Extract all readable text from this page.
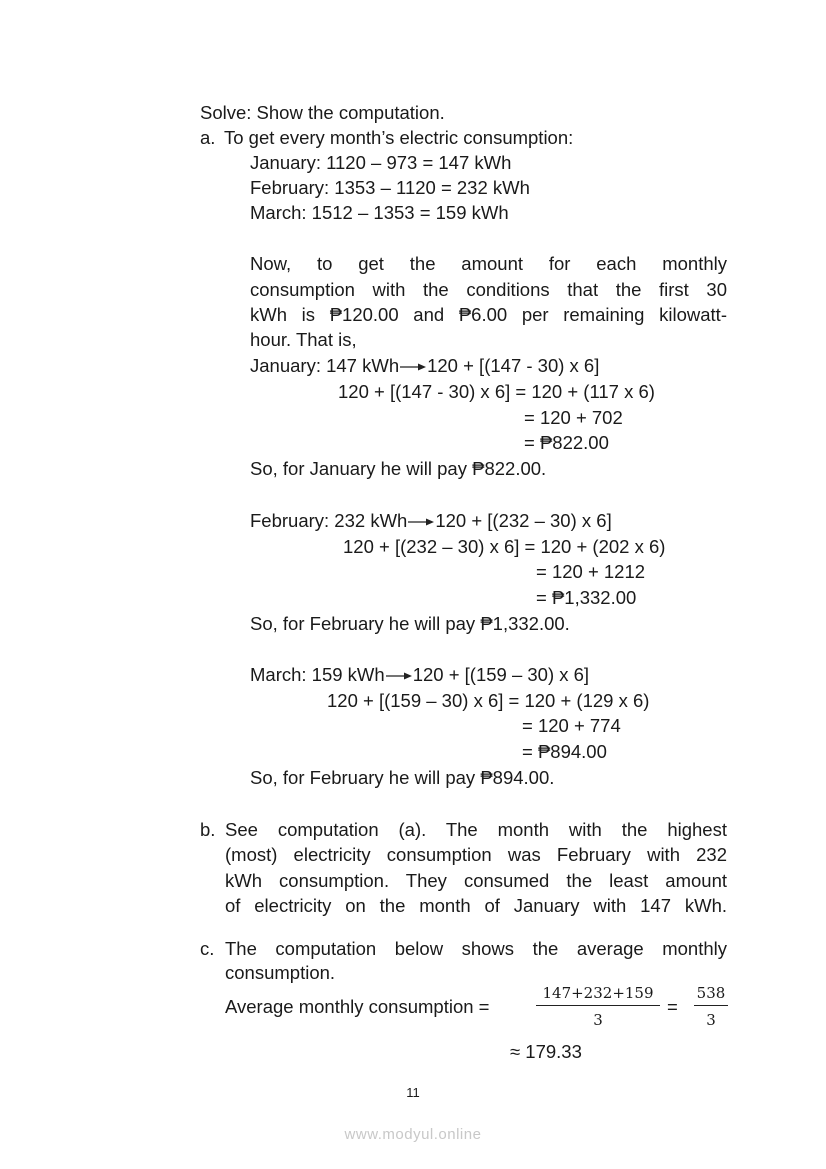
Solve: Show the computation.
a. To get every month’s electric consumption:
January: 1120 – 973 = 147 kWh
February: 1353 – 1120 = 232 kWh
March: 1512 – 1353 = 159 kWh
Now, to get the amount for each monthly
consumption with the conditions that the first 30
kWh is ₱120.00 and ₱6.00 per remaining kilowatt-
hour. That is,
January: 147 kWh 120 + [(147 - 30) x 6]
120 + [(147 - 30) x 6] = 120 + (117 x 6)
= 120 + 702
= ₱822.00
So, for January he will pay ₱822.00.
February: 232 kWh 120 + [(232 – 30) x 6]
120 + [(232 – 30) x 6] = 120 + (202 x 6)
= 120 + 1212
= ₱1,332.00
So, for February he will pay ₱1,332.00.
March: 159 kWh 120 + [(159 – 30) x 6]
120 + [(159 – 30) x 6] = 120 + (129 x 6)
= 120 + 774
= ₱894.00
So, for February he will pay ₱894.00.
b. See computation (a). The month with the highest
(most) electricity consumption was February with 232
kWh consumption. They consumed the least amount
of electricity on the month of January with 147 kWh.
c. The computation below shows the average monthly
consumption.
Average monthly consumption =	$\frac{147+232+159}{3} = \frac{538}{3}$
≈ 179.33
11
www.modyul.online
